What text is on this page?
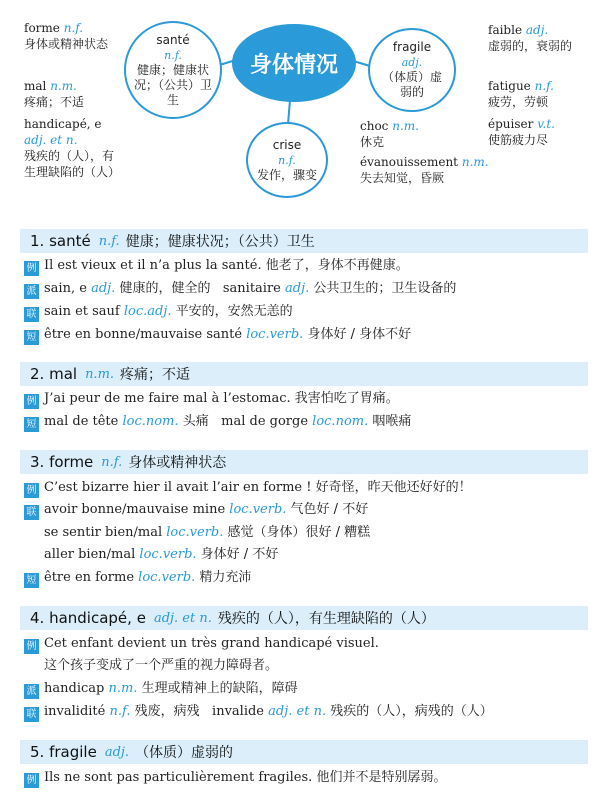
身体情况
santé
n.f.
健康；健康状况；（公共）卫生
fragile
adj.
（体质）虚弱的
crise
n.f.
发作，骤变
forme n.f.
身体或精神状态
mal n.m.
疼痛；不适
handicapé, e
adj. et n.
残疾的（人），有生理缺陷的（人）
choc n.m.
休克
évanouissement n.m.
失去知觉，昏厥
faible adj.
虚弱的，衰弱的
fatigue n.f.
疲劳，劳顿
épuiser v.t.
使筋疲力尽
1. santé n.f. 健康；健康状况；（公共）卫生
例 Il est vieux et il n’a plus la santé. 他老了，身体不再健康。
派 sain, e adj. 健康的，健全的 sanitaire adj. 公共卫生的；卫生设备的
联 sain et sauf loc.adj. 平安的，安然无恙的
短 être en bonne/mauvaise santé loc.verb. 身体好 / 身体不好
2. mal n.m. 疼痛；不适
例 J’ai peur de me faire mal à l’estomac. 我害怕吃了胃痛。
短 mal de tête loc.nom. 头痛 mal de gorge loc.nom. 咽喉痛
3. forme n.f. 身体或精神状态
例 C’est bizarre hier il avait l’air en forme ! 好奇怪，昨天他还好好的！
联 avoir bonne/mauvaise mine loc.verb. 气色好 / 不好
se sentir bien/mal loc.verb. 感觉（身体）很好 / 糟糕
aller bien/mal loc.verb. 身体好 / 不好
短 être en forme loc.verb. 精力充沛
4. handicapé, e adj. et n. 残疾的（人），有生理缺陷的（人）
例 Cet enfant devient un très grand handicapé visuel.
这个孩子变成了一个严重的视力障碍者。
派 handicap n.m. 生理或精神上的缺陷，障碍
联 invalidité n.f. 残废，病残 invalide adj. et n. 残疾的（人），病残的（人）
5. fragile adj. （体质）虚弱的
例 Ils ne sont pas particulièrement fragiles. 他们并不是特别孱弱。
